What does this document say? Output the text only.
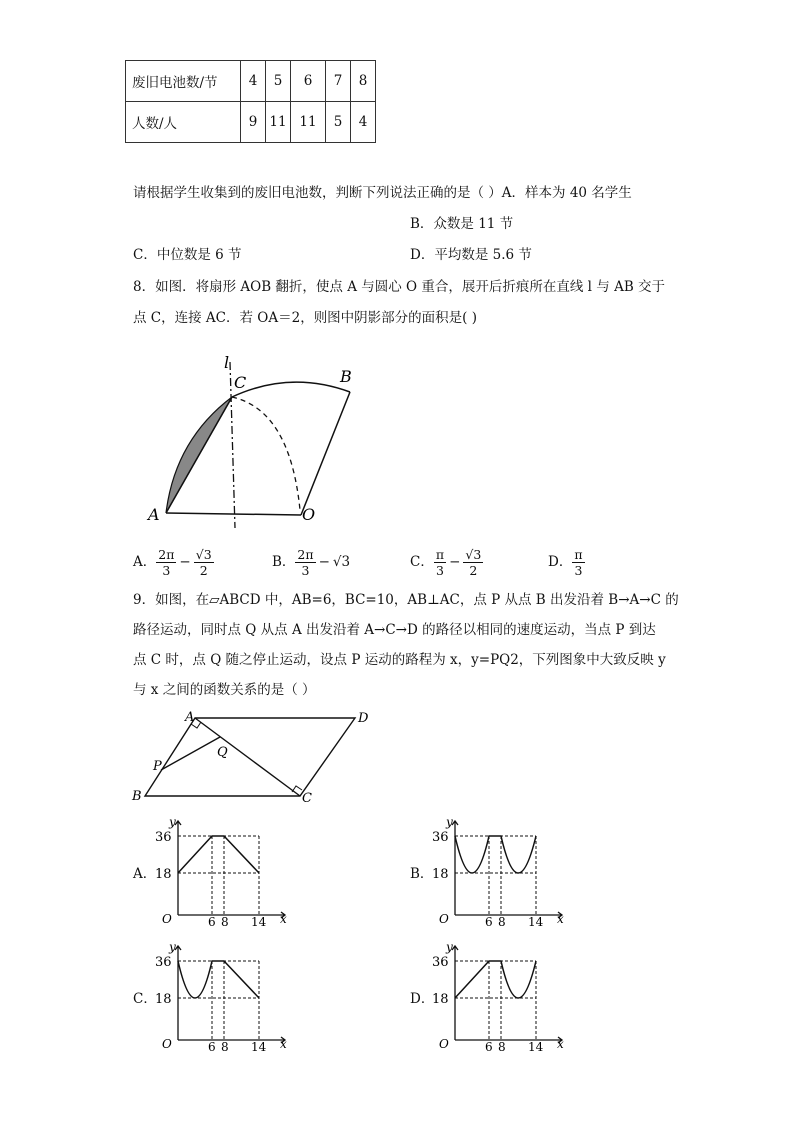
废旧电池数/节	4	5	6	7	8
人数/人	9	11	11	5	4
请根据学生收集到的废旧电池数，判断下列说法正确的是（ ）A．样本为 40 名学生
B．众数是 11 节
C．中位数是 6 节	D．平均数是 5.6 节
8．如图．将扇形 AOB 翻折，使点 A 与圆心 O 重合，展开后折痕所在直线 l 与 AB 交于
点 C，连接 AC．若 OA＝2，则图中阴影部分的面积是( )
l
C	B
A	O
A． $\frac{2\pi}{3} - \frac{√3}{2}$	B． $\frac{2\pi}{3} - √3$	C． $\frac{\pi}{3} - \frac{√3}{2}$	D． $\frac{\pi}{3}$
9．如图，在▱ABCD 中，AB=6，BC=10，AB⊥AC，点 P 从点 B 出发沿着 B→A→C 的
路径运动，同时点 Q 从点 A 出发沿着 A→C→D 的路径以相同的速度运动，当点 P 到达
点 C 时，点 Q 随之停止运动，设点 P 运动的路程为 x，y=PQ2，下列图象中大致反映 y
与 x 之间的函数关系的是（ ）
A	D
Q
P
B	C
A．	B．
C．	D．
36
18
O	6 8 14 x
y
36
18
O	6 8 14 x
y
36
18
O	6 8 14 x
y
36
18
O	6 8 14 x
y
